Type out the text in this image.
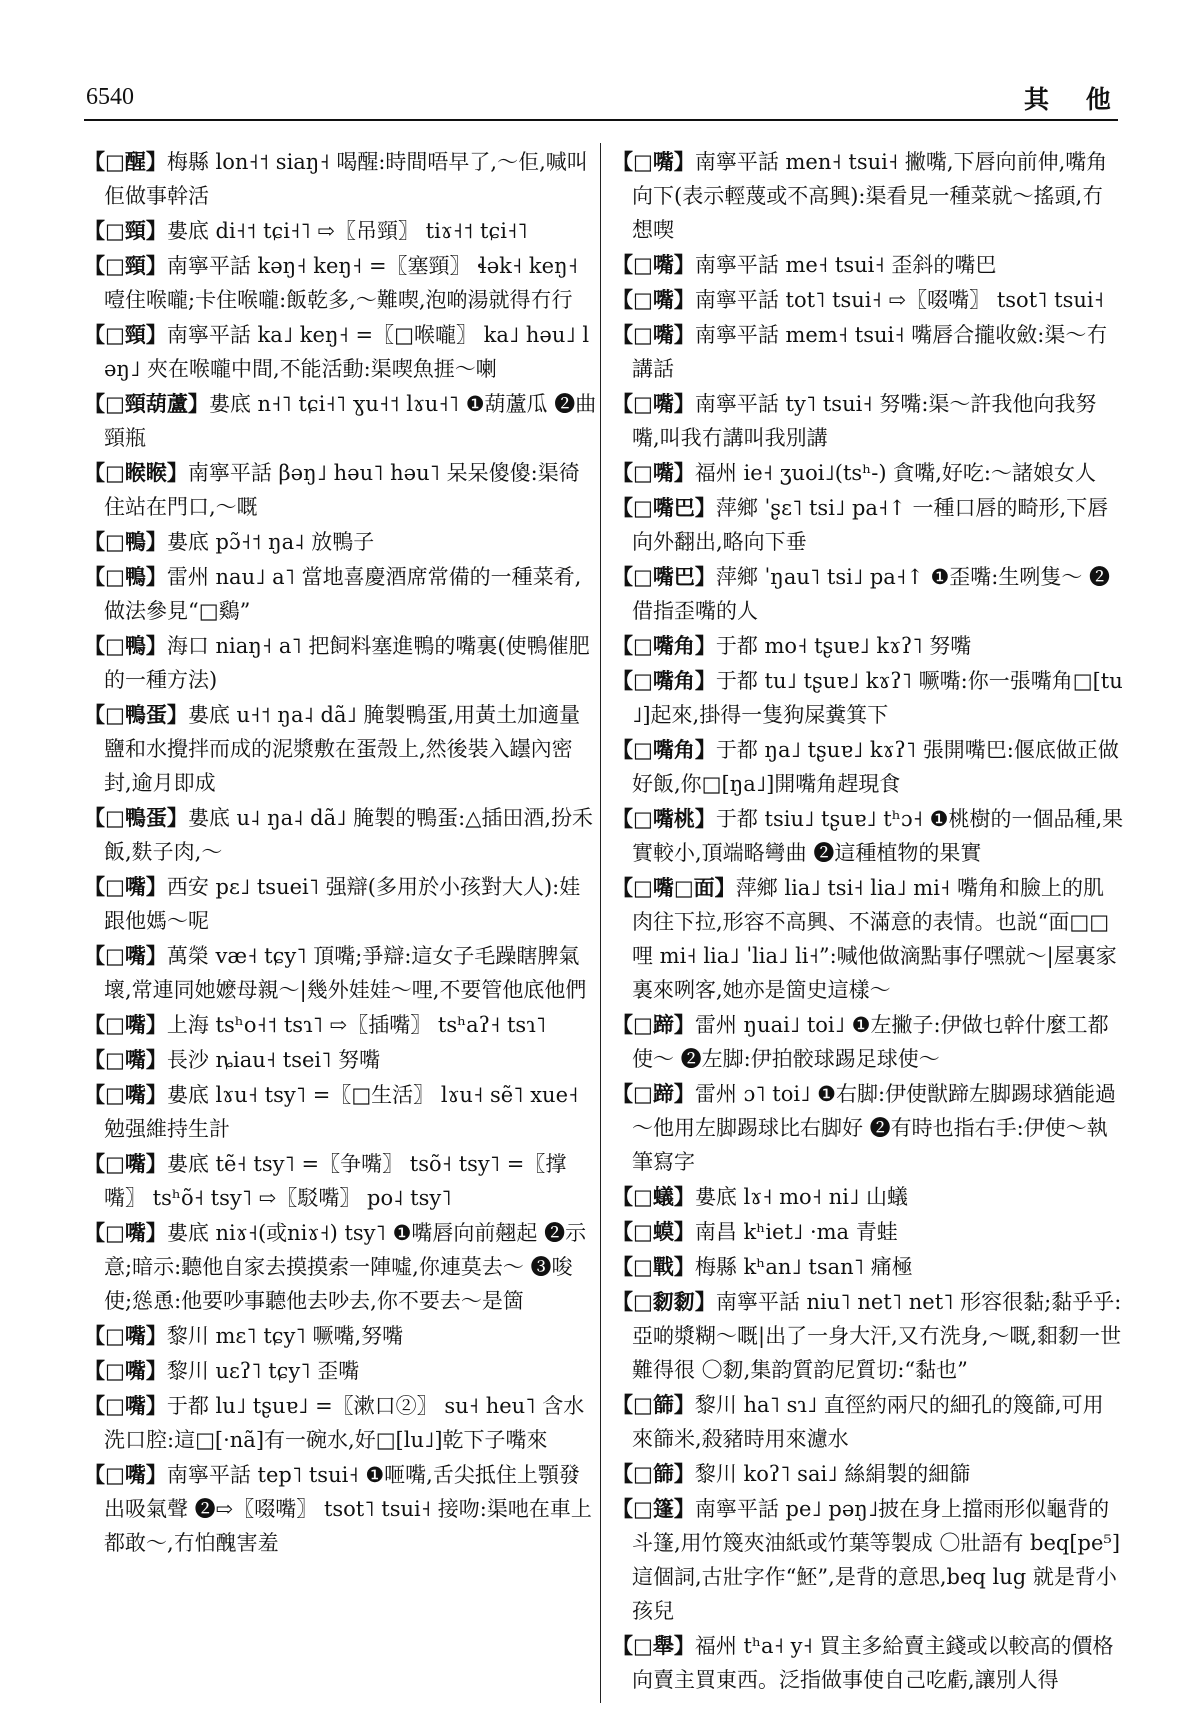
6540	其 他

【□醒】梅縣 lon˧˦ siaŋ˧ 喝醒:時間唔早了,～佢,喊叫佢做事幹活

【□頸】婁底 di˧˦ tɕi˧˥ ⇨〖吊頸〗 tiɤ˧˦ tɕi˧˥

【□頸】南寧平話 kəŋ˧ keŋ˧ =〖塞頸〗 ɬək˧ keŋ˧ 噎住喉嚨;卡住喉嚨:飯乾多,～難喫,泡啲湯就得冇行

【□頸】南寧平話 ka˩ keŋ˧ =〖□喉嚨〗 ka˩ həu˩ ləŋ˩ 夾在喉嚨中間,不能活動:渠喫魚捱～喇

【□頸葫蘆】婁底 n˧˥ tɕi˧˥ ɣu˧˦ lɤu˧˥ ❶葫蘆瓜 ❷曲頸瓶

【□睺睺】南寧平話 βəŋ˩ həu˥ həu˥ 呆呆傻傻:渠徛住站在門口,～嘅

【□鴨】婁底 pɔ̃˧˦ ŋa˨ 放鴨子

【□鴨】雷州 nau˩ a˥ 當地喜慶酒席常備的一種菜肴,做法參見“□鷄”

【□鴨】海口 niaŋ˧ a˥ 把飼料塞進鴨的嘴裏(使鴨催肥的一種方法)

【□鴨蛋】婁底 u˧˦ ŋa˨ dã˩ 腌製鴨蛋,用黃土加適量鹽和水攪拌而成的泥漿敷在蛋殼上,然後裝入罎內密封,逾月即成

【□鴨蛋】婁底 u˨ ŋa˨ dã˩ 腌製的鴨蛋:△插田酒,扮禾飯,麩子肉,～

【□嘴】西安 pɛ˩ tsuei˥ 强辯(多用於小孩對大人):娃跟他媽～呢

【□嘴】萬榮 væ˧ tɕy˥ 頂嘴;爭辯:這女子毛躁瞎脾氣壞,常連同她嬷母親～|幾外娃娃～哩,不要管他底他們

【□嘴】上海 tsʰo˧˦ tsɿ˥ ⇨〖插嘴〗 tsʰaʔ˧ tsɿ˥

【□嘴】長沙 ȵiau˧ tsei˥ 努嘴

【□嘴】婁底 lɤu˧ tsy˥ =〖□生活〗 lɤu˧ sẽ˥ xue˧ 勉强維持生計

【□嘴】婁底 tẽ˧ tsy˥ =〖争嘴〗 tsõ˧ tsy˥ =〖撑嘴〗 tsʰõ˧ tsy˥ ⇨〖駁嘴〗 po˨ tsy˥

【□嘴】婁底 niɤ˧(或niɤ˧) tsy˥ ❶嘴唇向前翹起 ❷示意;暗示:聽他自家去摸摸索一陣噓,你連莫去～ ❸唆使;慫恿:他要吵事聽他去吵去,你不要去～是箇

【□嘴】黎川 mɛ˥ tɕy˥ 噘嘴,努嘴

【□嘴】黎川 uɛʔ˥ tɕy˥ 歪嘴

【□嘴】于都 lu˩ tʂuɐ˩ =〖漱口②〗 su˧ heu˥ 含水洗口腔:這□[·nã]有一碗水,好□[lu˩]乾下子嘴來

【□嘴】南寧平話 tep˥ tsui˧ ❶咂嘴,舌尖抵住上顎發出吸氣聲 ❷⇨〖啜嘴〗 tsot˥ tsui˧ 接吻:渠吔在車上都敢～,冇怕醜害羞

【□嘴】南寧平話 men˧ tsui˧ 撇嘴,下唇向前伸,嘴角向下(表示輕蔑或不高興):渠看見一種菜就～搖頭,冇想喫

【□嘴】南寧平話 me˧ tsui˧ 歪斜的嘴巴

【□嘴】南寧平話 tot˥ tsui˧ ⇨〖啜嘴〗 tsot˥ tsui˧

【□嘴】南寧平話 mem˧ tsui˧ 嘴唇合攏收斂:渠～冇講話

【□嘴】南寧平話 ty˥ tsui˧ 努嘴:渠～許我他向我努嘴,叫我冇講叫我別講

【□嘴】福州 ie˧ ʒuoi˩(tsʰ-) 貪嘴,好吃:～諸娘女人

【□嘴巴】萍鄉 ˈʂɛ˥ tsi˩ pa˧↑ 一種口唇的畸形,下唇向外翻出,略向下垂

【□嘴巴】萍鄉 ˈŋau˥ tsi˩ pa˧↑ ❶歪嘴:生咧隻～ ❷借指歪嘴的人

【□嘴角】于都 mo˧ tʂuɐ˩ kɤʔ˥ 努嘴

【□嘴角】于都 tu˩ tʂuɐ˩ kɤʔ˥ 噘嘴:你一張嘴角□[tu˩]起來,掛得一隻狗屎糞箕下

【□嘴角】于都 ŋa˩ tʂuɐ˩ kɤʔ˥ 張開嘴巴:偃底做正做好飯,你□[ŋa˩]開嘴角趕現食

【□嘴桃】于都 tsiu˩ tʂuɐ˩ tʰɔ˧ ❶桃樹的一個品種,果實較小,頂端略彎曲 ❷這種植物的果實

【□嘴□面】萍鄉 lia˩ tsi˧ lia˩ mi˧ 嘴角和臉上的肌肉往下拉,形容不高興、不滿意的表情。也説“面□□哩 mi˧ lia˩ ˈlia˩ li˧”:喊他做滴點事仔嘿就～|屋裏家裏來咧客,她亦是箇史這樣～

【□蹄】雷州 ŋuai˩ toi˩ ❶左撇子:伊做乜幹什麼工都使～ ❷左脚:伊拍骹球踢足球使～

【□蹄】雷州 ɔ˥ toi˩ ❶右脚:伊使獣蹄左脚踢球猶能過～他用左脚踢球比右脚好 ❷有時也指右手:伊使～執筆寫字

【□蟻】婁底 lɤ˧ mo˧ ni˩ 山蟻

【□蟆】南昌 kʰiet˩ ·ma 青蛙

【□戰】梅縣 kʰan˩ tsan˥ 痛極

【□䵑䵑】南寧平話 niu˥ net˥ net˥ 形容很黏;黏乎乎:亞啲漿糊～嘅|出了一身大汗,又冇洗身,～嘅,䵒䵑一世難得很 〇䵑,集韵質韵尼質切:“黏也”

【□篩】黎川 ha˥ sɿ˩ 直徑約兩尺的細孔的篾篩,可用來篩米,殺豬時用來濾水

【□篩】黎川 koʔ˥ sai˩ 絲絹製的細篩

【□篷】南寧平話 pe˩ pəŋ˩披在身上擋雨形似龜背的斗篷,用竹篾夾油紙或竹葉等製成 〇壯語有 beq[pe⁵]這個詞,古壯字作“魾”,是背的意思,beq lug 就是背小孩兒

【□舉】福州 tʰa˧ y˧ 買主多給賣主錢或以較高的價格向賣主買東西。泛指做事使自己吃虧,讓別人得
